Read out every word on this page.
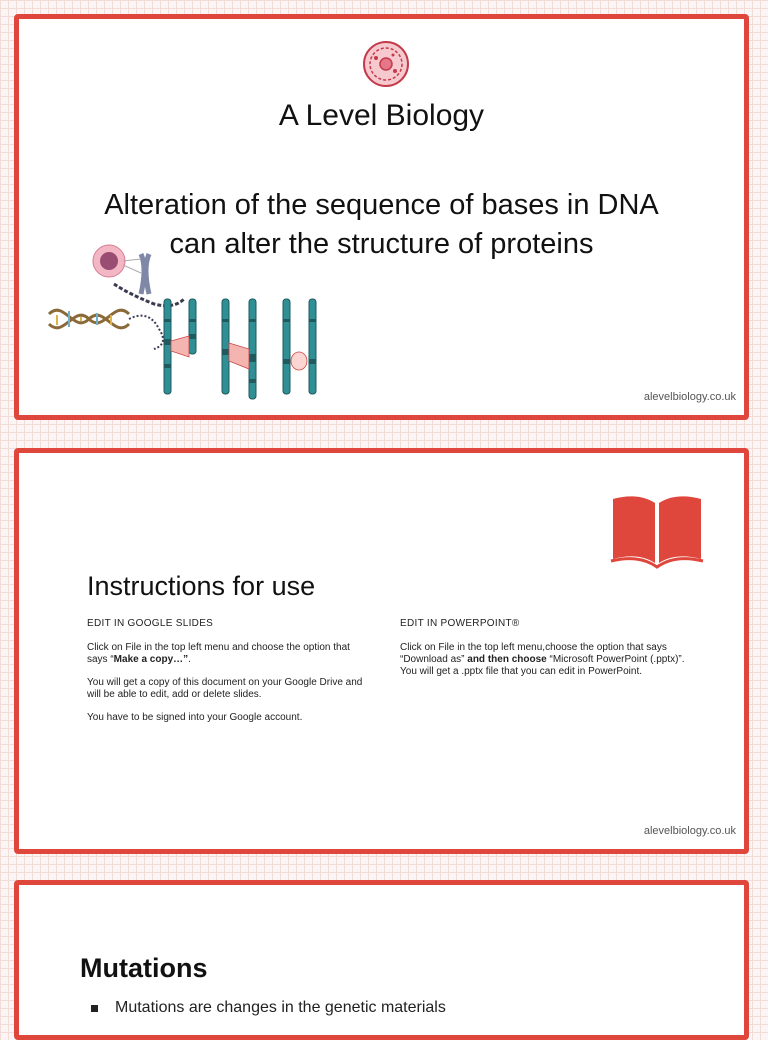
A Level Biology
Alteration of the sequence of bases in DNA
can alter the structure of proteins
alevelbiology.co.uk
Instructions for use
EDIT IN GOOGLE SLIDES

Click on File in the top left menu and choose the option that says “Make a copy…”.

You will get a copy of this document on your Google Drive and will be able to edit, add or delete slides.

You have to be signed into your Google account.

EDIT IN POWERPOINT®

Click on File in the top left menu,choose the option that says “Download as” and then choose “Microsoft PowerPoint (.pptx)”. You will get a .pptx file that you can edit in PowerPoint.

alevelbiology.co.uk
Mutations
Mutations are changes in the genetic materials
